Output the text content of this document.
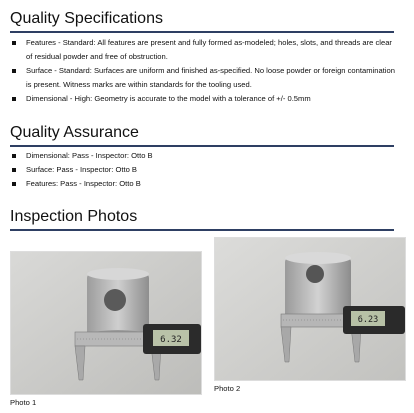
Quality Specifications
Features - Standard: All features are present and fully formed as-modeled; holes, slots, and threads are clear of residual powder and free of obstruction.
Surface - Standard: Surfaces are uniform and finished as-specified. No loose powder or foreign contamination is present. Witness marks are within standards for the tooling used.
Dimensional - High: Geometry is accurate to the model with a tolerance of +/- 0.5mm
Quality Assurance
Dimensional: Pass - Inspector: Otto B
Surface: Pass - Inspector: Otto B
Features: Pass - Inspector: Otto B
Inspection Photos
6.32
Photo 1
6.23
Photo 2
